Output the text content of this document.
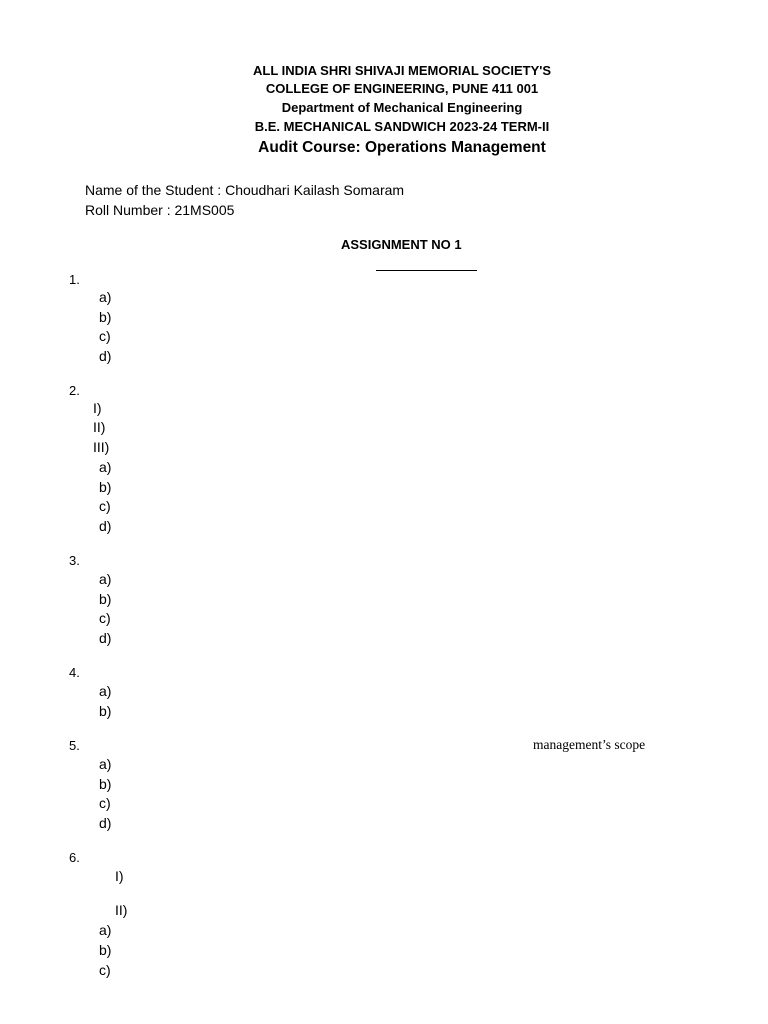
ALL INDIA SHRI SHIVAJI MEMORIAL SOCIETY'S
COLLEGE OF ENGINEERING, PUNE 411 001
Department of Mechanical Engineering
B.E. MECHANICAL SANDWICH 2023-24 TERM-II
Audit Course: Operations Management
Name of the Student : Choudhari Kailash Somaram
Roll Number : 21MS005
ASSIGNMENT NO 1
1.
a)
b)
c)
d)
2.
I)
II)
III)
a)
b)
c)
d)
3.
a)
b)
c)
d)
4.
a)
b)
5.	management’s scope
a)
b)
c)
d)
6.
I)
II)
a)
b)
c)
